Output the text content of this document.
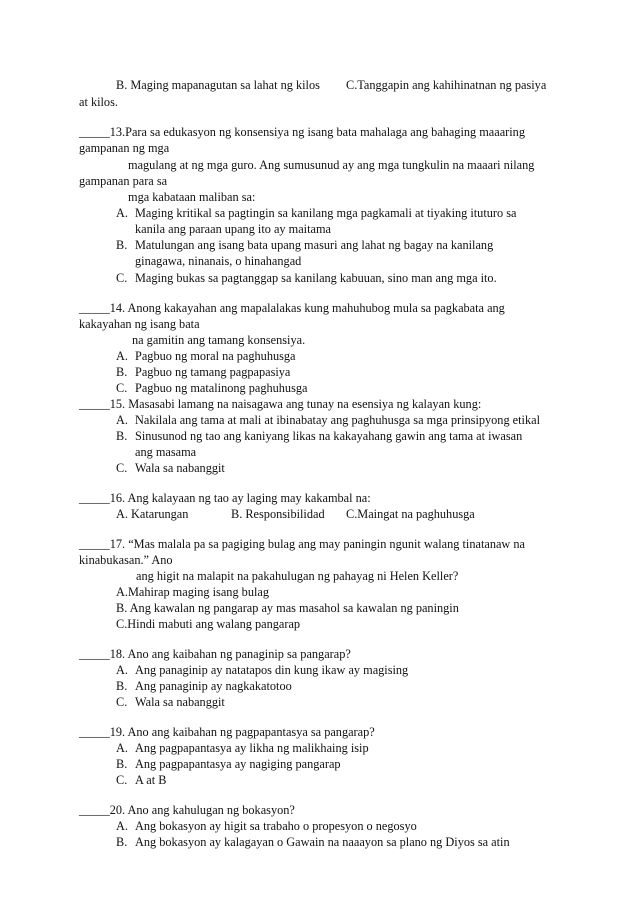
B. Maging mapanagutan sa lahat ng kilos C.Tanggapin ang kahihinatnan ng pasiya
at kilos.
_____13.Para sa edukasyon ng konsensiya ng isang bata mahalaga ang bahaging maaaring
gampanan ng mga
magulang at ng mga guro. Ang sumusunud ay ang mga tungkulin na maaari nilang
gampanan para sa
mga kabataan maliban sa:
A. Maging kritikal sa pagtingin sa kanilang mga pagkamali at tiyaking ituturo sa
kanila ang paraan upang ito ay maitama
B. Matulungan ang isang bata upang masuri ang lahat ng bagay na kanilang
ginagawa, ninanais, o hinahangad
C. Maging bukas sa pagtanggap sa kanilang kabuuan, sino man ang mga ito.
_____14. Anong kakayahan ang mapalalakas kung mahuhubog mula sa pagkabata ang
kakayahan ng isang bata
na gamitin ang tamang konsensiya.
A. Pagbuo ng moral na paghuhusga
B. Pagbuo ng tamang pagpapasiya
C. Pagbuo ng matalinong paghuhusga
_____15. Masasabi lamang na naisagawa ang tunay na esensiya ng kalayan kung:
A. Nakilala ang tama at mali at ibinabatay ang paghuhusga sa mga prinsipyong etikal
B. Sinusunod ng tao ang kaniyang likas na kakayahang gawin ang tama at iwasan
ang masama
C. Wala sa nabanggit
_____16. Ang kalayaan ng tao ay laging may kakambal na:
A. Katarungan	B. Responsibilidad C.Maingat na paghuhusga
_____17. “Mas malala pa sa pagiging bulag ang may paningin ngunit walang tinatanaw na
kinabukasan.” Ano
ang higit na malapit na pakahulugan ng pahayag ni Helen Keller?
A.Mahirap maging isang bulag
B. Ang kawalan ng pangarap ay mas masahol sa kawalan ng paningin
C.Hindi mabuti ang walang pangarap
_____18. Ano ang kaibahan ng panaginip sa pangarap?
A. Ang panaginip ay natatapos din kung ikaw ay magising
B. Ang panaginip ay nagkakatotoo
C. Wala sa nabanggit
_____19. Ano ang kaibahan ng pagpapantasya sa pangarap?
A. Ang pagpapantasya ay likha ng malikhaing isip
B. Ang pagpapantasya ay nagiging pangarap
C. A at B
_____20. Ano ang kahulugan ng bokasyon?
A. Ang bokasyon ay higit sa trabaho o propesyon o negosyo
B. Ang bokasyon ay kalagayan o Gawain na naaayon sa plano ng Diyos sa atin
